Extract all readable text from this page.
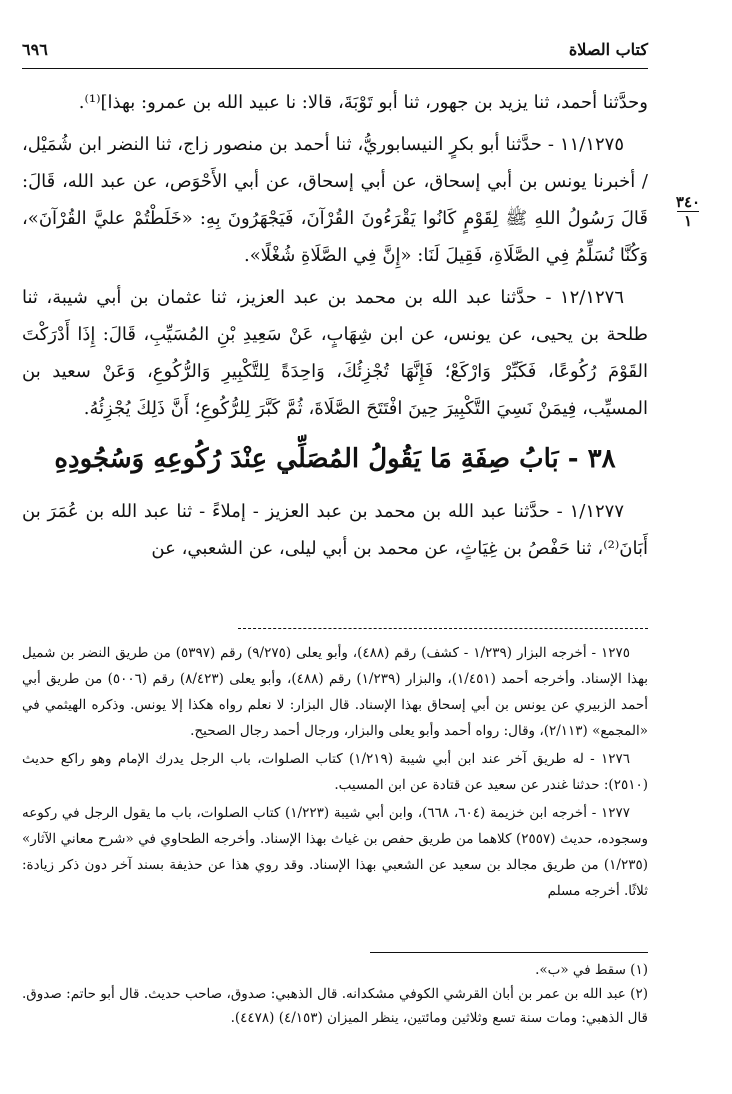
كتاب الصلاة
٦٩٦
٣٤٠
١

وحدَّثنا أحمد، ثنا يزيد بن جهور، ثنا أبو تَوْبَةَ، قالا: نا عبيد الله بن عمرو: بهذا]⁽¹⁾.

١١/١٢٧٥ - حدَّثنا أبو بكرٍ النيسابوريُّ، ثنا أحمد بن منصور زاج، ثنا النضر ابن شُمَيْل، / أخبرنا يونس بن أبي إسحاق، عن أبي إسحاق، عن أبي الأَحْوَص، عن عبد الله، قَالَ: قَالَ رَسُولُ اللهِ ﷺ لِقَوْمٍ كَانُوا يَقْرَءُونَ القُرْآنَ، فَيَجْهَرُونَ بِهِ: «خَلَطْتُمْ عليَّ القُرْآنَ»، وَكُنَّا نُسَلِّمُ فِي الصَّلَاةِ، فَقِيلَ لَنَا: «إِنَّ فِي الصَّلَاةِ شُغْلًا».

١٢/١٢٧٦ - حدَّثنا عبد الله بن محمد بن عبد العزيز، ثنا عثمان بن أبي شيبة، ثنا طلحة بن يحيى، عن يونس، عن ابن شِهَابٍ، عَنْ سَعِيدِ بْنِ المُسَيِّبِ، قَالَ: إِذَا أَدْرَكْتَ القَوْمَ رُكُوعًا، فَكَبِّرْ وَارْكَعْ؛ فَإِنَّهَا تُجْزِئُكَ، وَاحِدَةً لِلتَّكْبِيرِ وَالرُّكُوعِ، وَعَنْ سعيد بن المسيِّب، فِيمَنْ نَسِيَ التَّكْبِيرَ حِينَ افْتَتَحَ الصَّلَاةَ، ثُمَّ كَبَّرَ لِلرُّكُوعِ؛ أَنَّ ذَلِكَ يُجْزِئُهُ.

٣٨ - بَابُ صِفَةِ مَا يَقُولُ المُصَلِّي عِنْدَ رُكُوعِهِ وَسُجُودِهِ

١/١٢٧٧ - حدَّثنا عبد الله بن محمد بن عبد العزيز - إملاءً - ثنا عبد الله بن عُمَرَ بن أَبَانَ⁽²⁾، ثنا حَفْصُ بن غِيَاثٍ، عن محمد بن أبي ليلى، عن الشعبي، عن

١٢٧٥ - أخرجه البزار (١/٢٣٩ - كشف) رقم (٤٨٨)، وأبو يعلى (٩/٢٧٥) رقم (٥٣٩٧) من طريق النضر بن شميل بهذا الإسناد. وأخرجه أحمد (١/٤٥١)، والبزار (١/٢٣٩) رقم (٤٨٨)، وأبو يعلى (٨/٤٢٣) رقم (٥٠٠٦) من طريق أبي أحمد الزبيري عن يونس بن أبي إسحاق بهذا الإسناد. قال البزار: لا نعلم رواه هكذا إلا يونس. وذكره الهيثمي في «المجمع» (٢/١١٣)، وقال: رواه أحمد وأبو يعلى والبزار، ورجال أحمد رجال الصحيح.

١٢٧٦ - له طريق آخر عند ابن أبي شيبة (١/٢١٩) كتاب الصلوات، باب الرجل يدرك الإمام وهو راكع حديث (٢٥١٠): حدثنا غندر عن سعيد عن قتادة عن ابن المسيب.

١٢٧٧ - أخرجه ابن خزيمة (٦٠٤، ٦٦٨)، وابن أبي شيبة (١/٢٢٣) كتاب الصلوات، باب ما يقول الرجل في ركوعه وسجوده، حديث (٢٥٥٧) كلاهما من طريق حفص بن غياث بهذا الإسناد. وأخرجه الطحاوي في «شرح معاني الآثار» (١/٢٣٥) من طريق مجالد بن سعيد عن الشعبي بهذا الإسناد. وقد روي هذا عن حذيفة بسند آخر دون ذكر زيادة: ثلاثًا. أخرجه مسلم

(١) سقط في «ب».

(٢) عبد الله بن عمر بن أبان القرشي الكوفي مشكدانه. قال الذهبي: صدوق، صاحب حديث. قال أبو حاتم: صدوق. قال الذهبي: ومات سنة تسع وثلاثين ومائتين، ينظر الميزان (٤/١٥٣) (٤٤٧٨).
